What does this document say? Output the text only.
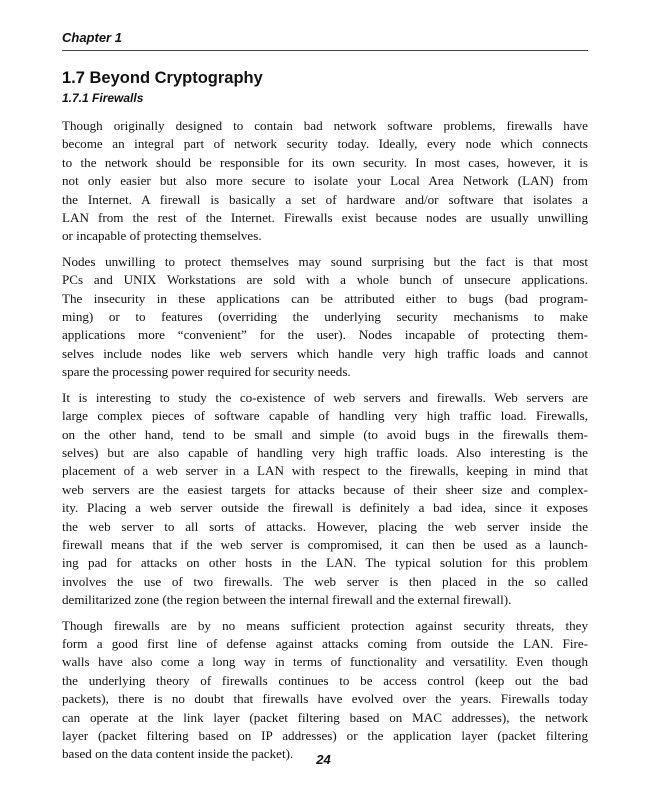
Chapter 1
1.7 Beyond Cryptography
1.7.1 Firewalls

Though originally designed to contain bad network software problems, firewalls have
become an integral part of network security today. Ideally, every node which connects
to the network should be responsible for its own security. In most cases, however, it is
not only easier but also more secure to isolate your Local Area Network (LAN) from
the Internet. A firewall is basically a set of hardware and/or software that isolates a
LAN from the rest of the Internet. Firewalls exist because nodes are usually unwilling
or incapable of protecting themselves.

Nodes unwilling to protect themselves may sound surprising but the fact is that most
PCs and UNIX Workstations are sold with a whole bunch of unsecure applications.
The insecurity in these applications can be attributed either to bugs (bad program-
ming) or to features (overriding the underlying security mechanisms to make
applications more “convenient” for the user). Nodes incapable of protecting them-
selves include nodes like web servers which handle very high traffic loads and cannot
spare the processing power required for security needs.

It is interesting to study the co-existence of web servers and firewalls. Web servers are
large complex pieces of software capable of handling very high traffic load. Firewalls,
on the other hand, tend to be small and simple (to avoid bugs in the firewalls them-
selves) but are also capable of handling very high traffic loads. Also interesting is the
placement of a web server in a LAN with respect to the firewalls, keeping in mind that
web servers are the easiest targets for attacks because of their sheer size and complex-
ity. Placing a web server outside the firewall is definitely a bad idea, since it exposes
the web server to all sorts of attacks. However, placing the web server inside the
firewall means that if the web server is compromised, it can then be used as a launch-
ing pad for attacks on other hosts in the LAN. The typical solution for this problem
involves the use of two firewalls. The web server is then placed in the so called
demilitarized zone (the region between the internal firewall and the external firewall).

Though firewalls are by no means sufficient protection against security threats, they
form a good first line of defense against attacks coming from outside the LAN. Fire-
walls have also come a long way in terms of functionality and versatility. Even though
the underlying theory of firewalls continues to be access control (keep out the bad
packets), there is no doubt that firewalls have evolved over the years. Firewalls today
can operate at the link layer (packet filtering based on MAC addresses), the network
layer (packet filtering based on IP addresses) or the application layer (packet filtering
based on the data content inside the packet).	24
